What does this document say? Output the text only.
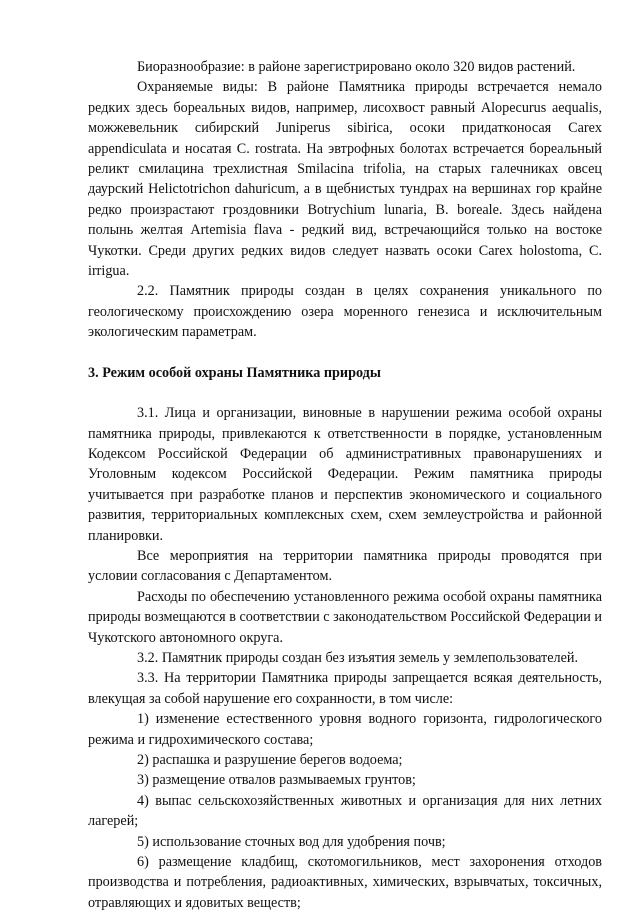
Биоразнообразие: в районе зарегистрировано около 320 видов растений.

Охраняемые виды: В районе Памятника природы встречается немало редких здесь бореальных видов, например, лисохвост равный Alopecurus aequalis, можжевельник сибирский Juniperus sibirica, осоки придатконосая Carex appendiculata и носатая C. rostrata. На эвтрофных болотах встречается бореальный реликт смилацина трехлистная Smilacina trifolia, на старых галечниках овсец даурский Helictotrichon dahuricum, а в щебнистых тундрах на вершинах гор крайне редко произрастают гроздовники Botrychium lunaria, B. boreale. Здесь найдена полынь желтая Artemisia flava - редкий вид, встречающийся только на востоке Чукотки. Среди других редких видов следует назвать осоки Carex holostoma, C. irrigua.

2.2. Памятник природы создан в целях сохранения уникального по геологическому происхождению озера моренного генезиса и исключительным экологическим параметрам.

3. Режим особой охраны Памятника природы

3.1. Лица и организации, виновные в нарушении режима особой охраны памятника природы, привлекаются к ответственности в порядке, установленным Кодексом Российской Федерации об административных правонарушениях и Уголовным кодексом Российской Федерации. Режим памятника природы учитывается при разработке планов и перспектив экономического и социального развития, территориальных комплексных схем, схем землеустройства и районной планировки.

Все мероприятия на территории памятника природы проводятся при условии согласования с Департаментом.

Расходы по обеспечению установленного режима особой охраны памятника природы возмещаются в соответствии с законодательством Российской Федерации и Чукотского автономного округа.

3.2. Памятник природы создан без изъятия земель у землепользователей.

3.3. На территории Памятника природы запрещается всякая деятельность, влекущая за собой нарушение его сохранности, в том числе:

1) изменение естественного уровня водного горизонта, гидрологического режима и гидрохимического состава;

2) распашка и разрушение берегов водоема;

3) размещение отвалов размываемых грунтов;

4) выпас сельскохозяйственных животных и организация для них летних лагерей;

5) использование сточных вод для удобрения почв;

6) размещение кладбищ, скотомогильников, мест захоронения отходов производства и потребления, радиоактивных, химических, взрывчатых, токсичных, отравляющих и ядовитых веществ;
